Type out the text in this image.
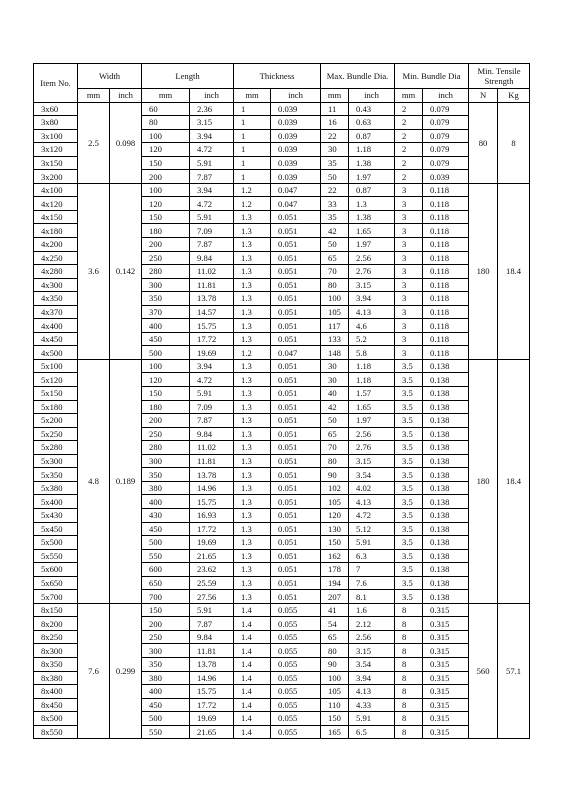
Item No.	Width		Length		Thickness		Max. Bundle Dia.		Min. Bundle Dia		Min. Tensile Strength	
	mm	inch	mm	inch	mm	inch	mm	inch	mm	inch	N	Kg
3x60	2.5	0.098	60	2.36	1	0.039	11	0.43	2	0.079	80	8
3x80			80	3.15	1	0.039	16	0.63	2	0.079		
3x100			100	3.94	1	0.039	22	0.87	2	0.079		
3x120			120	4.72	1	0.039	30	1.18	2	0.079		
3x150			150	5.91	1	0.039	35	1.38	2	0.079		
3x200			200	7.87	1	0.039	50	1.97	2	0.039		
4x100	3.6	0.142	100	3.94	1.2	0.047	22	0.87	3	0.118	180	18.4
4x120			120	4.72	1.2	0.047	33	1.3	3	0.118		
4x150			150	5.91	1.3	0.051	35	1.38	3	0.118		
4x180			180	7.09	1.3	0.051	42	1.65	3	0.118		
4x200			200	7.87	1.3	0.051	50	1.97	3	0.118		
4x250			250	9.84	1.3	0.051	65	2.56	3	0.118		
4x280			280	11.02	1.3	0.051	70	2.76	3	0.118		
4x300			300	11.81	1.3	0.051	80	3.15	3	0.118		
4x350			350	13.78	1.3	0.051	100	3.94	3	0.118		
4x370			370	14.57	1.3	0.051	105	4.13	3	0.118		
4x400			400	15.75	1.3	0.051	117	4.6	3	0.118		
4x450			450	17.72	1.3	0.051	133	5.2	3	0.118		
4x500			500	19.69	1.2	0.047	148	5.8	3	0.118		
5x100	4.8	0.189	100	3.94	1.3	0.051	30	1.18	3.5	0.138	180	18.4
5x120			120	4.72	1.3	0.051	30	1.18	3.5	0.138		
5x150			150	5.91	1.3	0.051	40	1.57	3.5	0.138		
5x180			180	7.09	1.3	0.051	42	1.65	3.5	0.138		
5x200			200	7.87	1.3	0.051	50	1.97	3.5	0.138		
5x250			250	9.84	1.3	0.051	65	2.56	3.5	0.138		
5x280			280	11.02	1.3	0.051	70	2.76	3.5	0.138		
5x300			300	11.81	1.3	0.051	80	3.15	3.5	0.138		
5x350			350	13.78	1.3	0.051	90	3.54	3.5	0.138		
5x380			380	14.96	1.3	0.051	102	4.02	3.5	0.138		
5x400			400	15.75	1.3	0.051	105	4.13	3.5	0.138		
5x430			430	16.93	1.3	0.051	120	4.72	3.5	0.138		
5x450			450	17.72	1.3	0.051	130	5.12	3.5	0.138		
5x500			500	19.69	1.3	0.051	150	5.91	3.5	0.138		
5x550			550	21.65	1.3	0.051	162	6.3	3.5	0.138		
5x600			600	23.62	1.3	0.051	178	7	3.5	0.138		
5x650			650	25.59	1.3	0.051	194	7.6	3.5	0.138		
5x700			700	27.56	1.3	0.051	207	8.1	3.5	0.138		
8x150	7.6	0.299	150	5.91	1.4	0.055	41	1.6	8	0.315	560	57.1
8x200			200	7.87	1.4	0.055	54	2.12	8	0.315		
8x250			250	9.84	1.4	0.055	65	2.56	8	0.315		
8x300			300	11.81	1.4	0.055	80	3.15	8	0.315		
8x350			350	13.78	1.4	0.055	90	3.54	8	0.315		
8x380			380	14.96	1.4	0.055	100	3.94	8	0.315		
8x400			400	15.75	1.4	0.055	105	4.13	8	0.315		
8x450			450	17.72	1.4	0.055	110	4.33	8	0.315		
8x500			500	19.69	1.4	0.055	150	5.91	8	0.315		
8x550			550	21.65	1.4	0.055	165	6.5	8	0.315		
